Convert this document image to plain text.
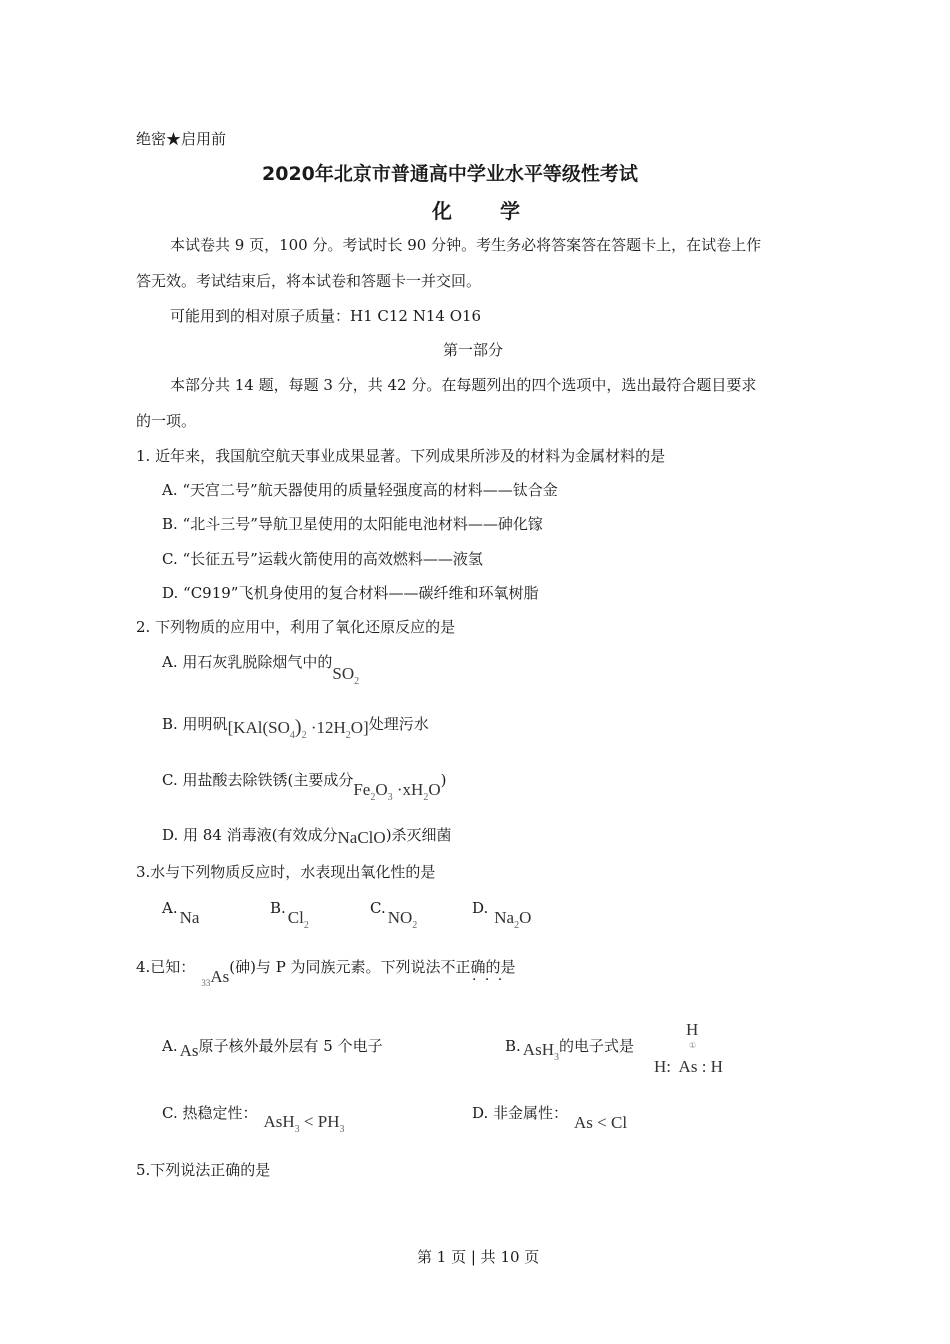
绝密★启用前
2020年北京市普通高中学业水平等级性考试
化 学
本试卷共 9 页，100 分。考试时长 90 分钟。考生务必将答案答在答题卡上，在试卷上作
答无效。考试结束后，将本试卷和答题卡一并交回。
可能用到的相对原子质量：H1 C12 N14 O16
第一部分
本部分共 14 题，每题 3 分，共 42 分。在每题列出的四个选项中，选出最符合题目要求
的一项。
1. 近年来，我国航空航天事业成果显著。下列成果所涉及的材料为金属材料的是
A. “天宫二号”航天器使用的质量轻强度高的材料——钛合金
B. “北斗三号”导航卫星使用的太阳能电池材料——砷化镓
C. “长征五号”运载火箭使用的高效燃料——液氢
D. “C919”飞机身使用的复合材料——碳纤维和环氧树脂
2. 下列物质的应用中，利用了氧化还原反应的是
A. 用石灰乳脱除烟气中的$SO_2$
B. 用明矾$[KAl(SO_4)_2 \cdot 12H_2O]$处理污水
C. 用盐酸去除铁锈(主要成分$Fe_2O_3 \cdot xH_2O$)
D. 用 84 消毒液(有效成分NaClO)杀灭细菌
3.水与下列物质反应时，水表现出氧化性的是
A. Na	B. $Cl_2$
C. $NO_2$
D. $Na_2O$
4.已知：$_{33}$As(砷)与 P 为同族元素。下列说法不正确的是
· · ·
A. As原子核外最外层有 5 个电子	B. AsH$_3$的电子式是
H
①
H:  As : H
C. 热稳定性： $AsH_3 < PH_3$
D. 非金属性： As < Cl
5.下列说法正确的是
第 1 页 | 共 10 页
